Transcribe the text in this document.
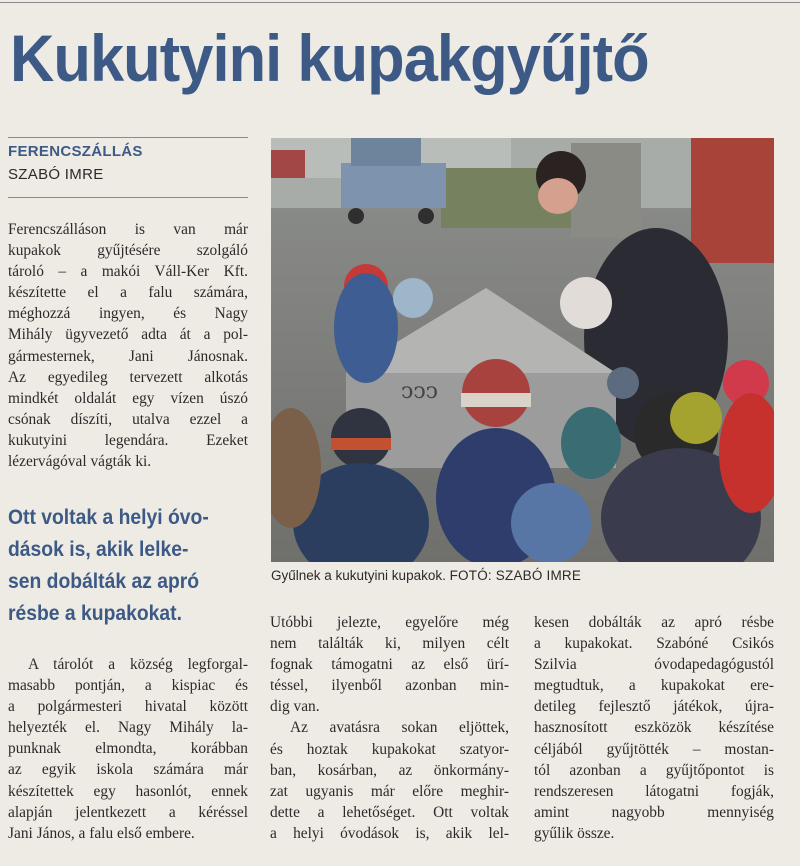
Kukutyini kupakgyűjtő
FERENCSZÁLLÁS
SZABÓ IMRE
Ferencszálláson is van már
kupakok gyűjtésére szolgáló
tároló – a makói Váll-Ker Kft.
készítette el a falu számára,
méghozzá ingyen, és Nagy
Mihály ügyvezető adta át a pol-
gármesternek, Jani Jánosnak.
Az egyedileg tervezett alkotás
mindkét oldalát egy vízen úszó
csónak díszíti, utalva ezzel a
kukutyini legendára. Ezeket
lézervágóval vágták ki.
Ott voltak a helyi óvo-
dások is, akik lelke-
sen dobálták az apró
résbe a kupakokat.
A tárolót a község legforgal-
masabb pontján, a kispiac és
a polgármesteri hivatal között
helyezték el. Nagy Mihály la-
punknak elmondta, korábban
az egyik iskola számára már
készítettek egy hasonlót, ennek
alapján jelentkezett a kéréssel
Jani János, a falu első embere.
ↄↄↄ
Gyűlnek a kukutyini kupakok. FOTÓ: SZABÓ IMRE
Utóbbi jelezte, egyelőre még
nem találták ki, milyen célt
fognak támogatni az első ürí-
téssel, ilyenből azonban min-
dig van.
Az avatásra sokan eljöttek,
és hoztak kupakokat szatyor-
ban, kosárban, az önkormány-
zat ugyanis már előre meghir-
dette a lehetőséget. Ott voltak
a helyi óvodások is, akik lel-
kesen dobálták az apró résbe
a kupakokat. Szabóné Csikós
Szilvia óvodapedagógustól
megtudtuk, a kupakokat ere-
detileg fejlesztő játékok, újra-
hasznosított eszközök készítése
céljából gyűjtötték – mostan-
tól azonban a gyűjtőpontot is
rendszeresen látogatni fogják,
amint nagyobb mennyiség
gyűlik össze.
